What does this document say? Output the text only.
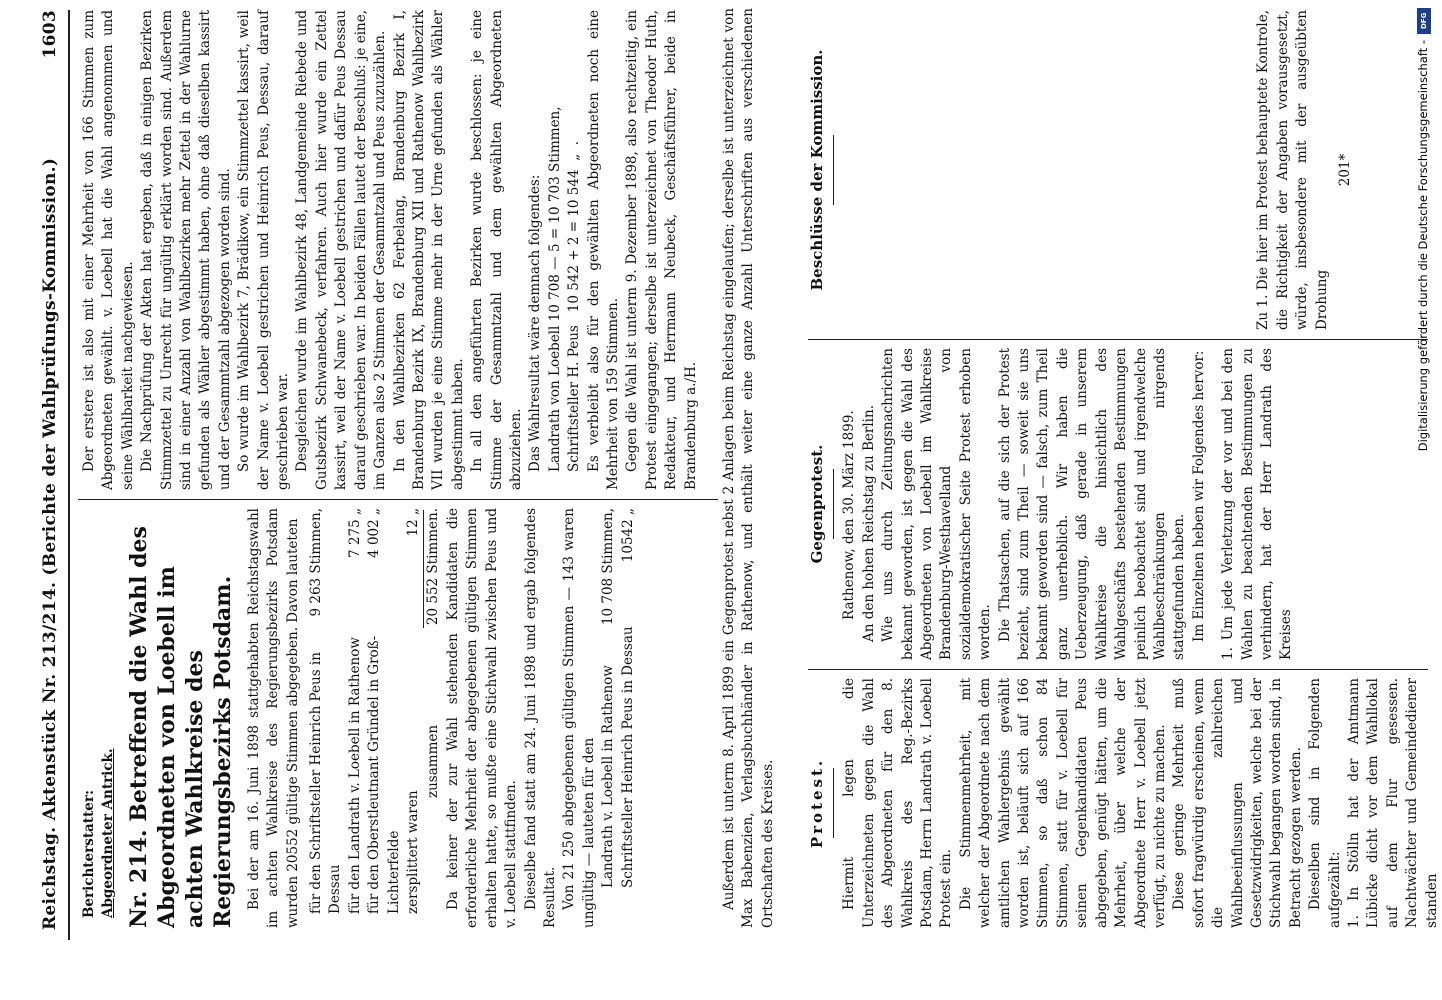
Reichstag. Aktenstück Nr. 213/214. (Berichte der Wahlprüfungs-Kommission.)
1603
Berichterstatter: Abgeordneter Antrick. Nr. 214. Betreffend die Wahl des Abgeordneten von Loebell im achten Wahlkreise des Regierungsbezirks Potsdam. Bei der am 16. Juni 1898 stattgehabten Reichstagswahl im achten Wahlkreise des Regierungsbezirks Potsdam wurden 20552 gültige Stimmen abgegeben. Davon lauteten für den Schriftsteller Heinrich Peus in Dessau
9 263 Stimmen,
für den Landrath v. Loebell in Rathenow
7 275 „
für den Oberstleutnant Gründel in Groß-Lichterfelde
4 002 „
zersplittert waren
12 „
zusammen
20 552 Stimmen. Da keiner der zur Wahl stehenden Kandidaten die erforderliche Mehrheit der abgegebenen gültigen Stimmen erhalten hatte, so mußte eine Stichwahl zwischen Peus und v. Loebell stattfinden. Dieselbe fand statt am 24. Juni 1898 und ergab folgendes Resultat. Von 21 250 abgegebenen gültigen Stimmen — 143 waren ungültig — lauteten für den Landrath v. Loebell in Rathenow
10 708 Stimmen,
Schriftsteller Heinrich Peus in Dessau
10542 „	Außerdem ist unterm 8. April 1899 ein Gegenprotest nebst 2 Anlagen beim Reichstag eingelaufen; derselbe ist unterzeichnet von Max Babenzien, Verlagsbuchhändler in Rathenow, und enthält weiter eine ganze Anzahl Unterschriften aus verschiedenen Ortschaften des Kreises.
Der erstere ist also mit einer Mehrheit von 166 Stimmen zum Abgeordneten gewählt. v. Loebell hat die Wahl angenommen und seine Wählbarkeit nachgewiesen. Die Nachprüfung der Akten hat ergeben, daß in einigen Bezirken Stimmzettel zu Unrecht für ungültig erklärt worden sind. Außerdem sind in einer Anzahl von Wahlbezirken mehr Zettel in der Wahlurne gefunden als Wähler abgestimmt haben, ohne daß dieselben kassirt und der Gesammtzahl abgezogen worden sind. So wurde im Wahlbezirk 7, Brädikow, ein Stimmzettel kassirt, weil der Name v. Loebell gestrichen und Heinrich Peus, Dessau, darauf geschrieben war. Desgleichen wurde im Wahlbezirk 48, Landgemeinde Riebede und Gutsbezirk Schwanebeck, verfahren. Auch hier wurde ein Zettel kassirt, weil der Name v. Loebell gestrichen und dafür Peus Dessau darauf geschrieben war. In beiden Fällen lautet der Beschluß: je eine, im Ganzen also 2 Stimmen der Gesammtzahl und Peus zuzuzählen. In den Wahlbezirken 62 Ferbelang, Brandenburg Bezirk I, Brandenburg Bezirk IX, Brandenburg XII und Rathenow Wahlbezirk VII wurden je eine Stimme mehr in der Urne gefunden als Wähler abgestimmt haben. In all den angeführten Bezirken wurde beschlossen: je eine Stimme der Gesammtzahl und dem gewählten Abgeordneten abzuziehen. Das Wahlresultat wäre demnach folgendes: Landrath von Loebell 10 708 — 5 = 10 703 Stimmen, Schriftsteller H. Peus   10 542 + 2 = 10 544  „  . Es verbleibt also für den gewählten Abgeordneten noch eine Mehrheit von 159 Stimmen. Gegen die Wahl ist unterm 9. Dezember 1898, also rechtzeitig, ein Protest eingegangen; derselbe ist unterzeichnet von Theodor Huth, Redakteur, und Herrmann Neubeck, Geschäftsführer, beide in Brandenburg a./H.
Protest. Hiermit legen die Unterzeichneten gegen die Wahl des Abgeordneten für den 8. Wahlkreis des Reg.-Bezirks Potsdam, Herrn Landrath v. Loebell Protest ein. Die Stimmenmehrheit, mit welcher der Abgeordnete nach dem amtlichen Wahlergebnis gewählt worden ist, beläuft sich auf 166 Stimmen, so daß schon 84 Stimmen, statt für v. Loebell für seinen Gegenkandidaten Peus abgegeben, genügt hätten, um die Mehrheit, über welche der Abgeordnete Herr v. Loebell jetzt verfügt, zu nichte zu machen. Diese geringe Mehrheit muß sofort fragwürdig erscheinen, wenn die zahlreichen Wahlbeeinflussungen und Gesetzwidrigkeiten, welche bei der Stichwahl begangen worden sind, in Betracht gezogen werden. Dieselben sind in Folgenden aufgezählt: 1. In Stölln hat der Amtmann Lübicke dicht vor dem Wahllokal auf dem Flur gesessen. Nachtwächter und Gemeindediener standen
Gegenprotest. Rathenow, den 30. März 1899. An den hohen Reichstag zu Berlin. Wie uns durch Zeitungsnachrichten bekannt geworden, ist gegen die Wahl des Abgeordneten von Loebell im Wahlkreise Brandenburg-Westhavelland von sozialdemokratischer Seite Protest erhoben worden. Die Thatsachen, auf die sich der Protest bezieht, sind zum Theil — soweit sie uns bekannt geworden sind — falsch, zum Theil ganz unerheblich. Wir haben die Ueberzeugung, daß gerade in unserem Wahlkreise die hinsichtlich des Wahlgeschäfts bestehenden Bestimmungen peinlich beobachtet sind und irgendwelche Wahlbeschränkungen nirgends stattgefunden haben. Im Einzelnen heben wir Folgendes hervor: 1. Um jede Verletzung der vor und bei den Wahlen zu beachtenden Bestimmungen zu verhindern, hat der Herr Landrath des Kreises
Beschlüsse der Kommission.	Zu 1. Die hier im Protest behauptete Kontrole, die Richtigkeit der Angaben vorausgesetzt, würde, insbesondere mit der ausgeübten Drohung
201*	Digitalisierung gefördert durch die Deutsche Forschungsgemeinschaft -
DFG
